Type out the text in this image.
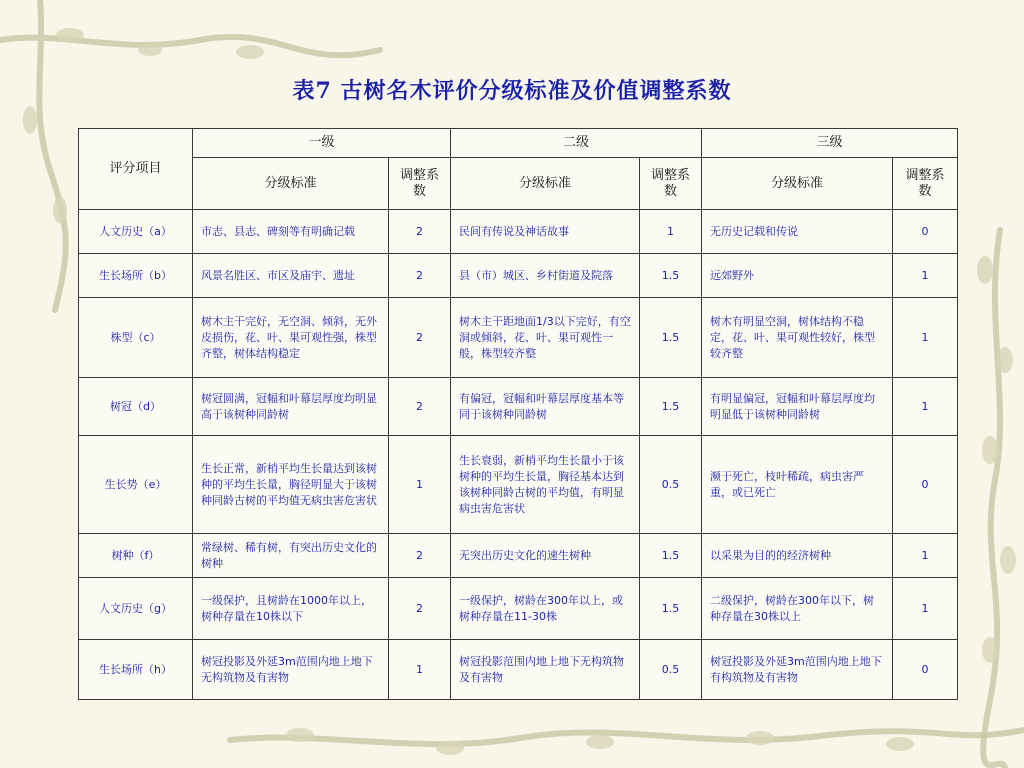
表7 古树名木评价分级标准及价值调整系数
评分项目	一级		二级		三级	
	分级标准	调整系数	分级标准	调整系数	分级标准	调整系数
人文历史（a）	市志、县志、碑刻等有明确记载	2	民间有传说及神话故事	1	无历史记载和传说	0
生长场所（b）	风景名胜区、市区及庙宇、遗址	2	县（市）城区、乡村街道及院落	1.5	远郊野外	1
株型（c）	树木主干完好，无空洞、倾斜，无外皮损伤，花、叶、果可观性强，株型齐整，树体结构稳定	2	树木主干距地面1/3以下完好，有空洞或倾斜，花、叶、果可观性一般，株型较齐整	1.5	树木有明显空洞，树体结构不稳定，花、叶、果可观性较好，株型较齐整	1
树冠（d）	树冠圆满，冠幅和叶幕层厚度均明显高于该树种同龄树	2	有偏冠，冠幅和叶幕层厚度基本等同于该树种同龄树	1.5	有明显偏冠，冠幅和叶幕层厚度均明显低于该树种同龄树	1
生长势（e）	生长正常，新梢平均生长量达到该树种的平均生长量，胸径明显大于该树种同龄古树的平均值无病虫害危害状	1	生长衰弱，新梢平均生长量小于该树种的平均生长量，胸径基本达到该树种同龄古树的平均值，有明显病虫害危害状	0.5	濒于死亡，枝叶稀疏，病虫害严重，或已死亡	0
树种（f）	常绿树、稀有树，有突出历史文化的树种	2	无突出历史文化的速生树种	1.5	以采果为目的的经济树种	1
人文历史（g）	一级保护，且树龄在1000年以上，树种存量在10株以下	2	一级保护，树龄在300年以上，或树种存量在11-30株	1.5	二级保护，树龄在300年以下，树种存量在30株以上	1
生长场所（h）	树冠投影及外延3m范围内地上地下无构筑物及有害物	1	树冠投影范围内地上地下无构筑物及有害物	0.5	树冠投影及外延3m范围内地上地下有构筑物及有害物	0
